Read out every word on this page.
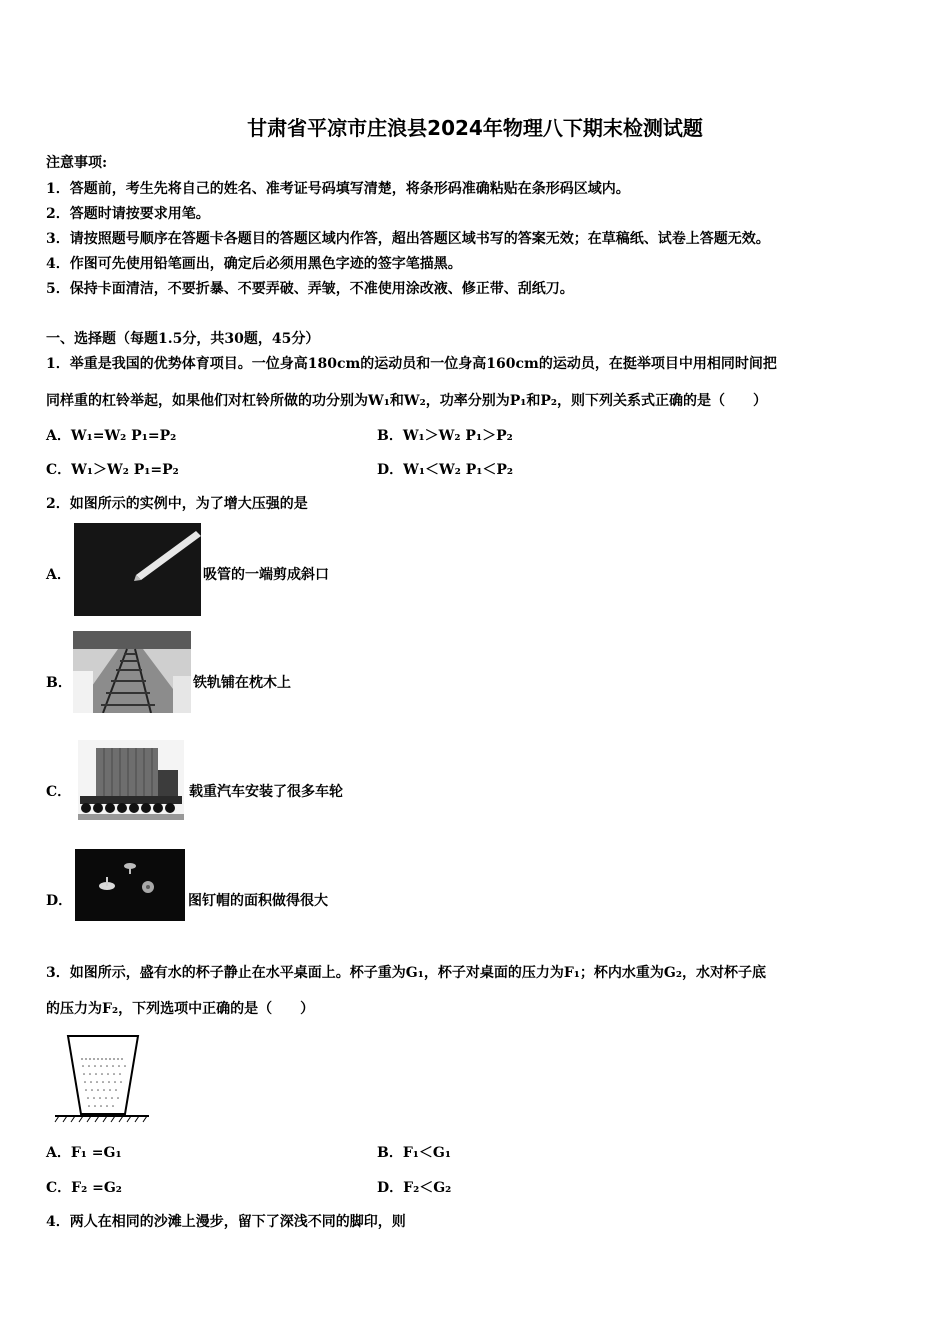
甘肃省平凉市庄浪县2024年物理八下期末检测试题
注意事项:
1．答题前，考生先将自己的姓名、准考证号码填写清楚，将条形码准确粘贴在条形码区域内。
2．答题时请按要求用笔。
3．请按照题号顺序在答题卡各题目的答题区域内作答，超出答题区域书写的答案无效；在草稿纸、试卷上答题无效。
4．作图可先使用铅笔画出，确定后必须用黑色字迹的签字笔描黑。
5．保持卡面清洁，不要折暴、不要弄破、弄皱，不准使用涂改液、修正带、刮纸刀。
一、选择题（每题1.5分，共30题，45分）
1．举重是我国的优势体育项目。一位身高180cm的运动员和一位身高160cm的运动员，在挺举项目中用相同时间把
同样重的杠铃举起，如果他们对杠铃所做的功分别为W₁和W₂，功率分别为P₁和P₂，则下列关系式正确的是（　　）
A．W₁=W₂ P₁=P₂	B．W₁＞W₂ P₁＞P₂
C．W₁＞W₂ P₁=P₂	D．W₁＜W₂ P₁＜P₂
2．如图所示的实例中，为了增大压强的是
A．	吸管的一端剪成斜口
B．	铁轨铺在枕木上
C．	载重汽车安装了很多车轮
D．	图钉帽的面积做得很大
3．如图所示，盛有水的杯子静止在水平桌面上。杯子重为G₁，杯子对桌面的压力为F₁；杯内水重为G₂，水对杯子底
的压力为F₂，下列选项中正确的是（　　）
A．F₁ =G₁	B．F₁＜G₁
C．F₂ =G₂	D．F₂＜G₂
4．两人在相同的沙滩上漫步，留下了深浅不同的脚印，则
